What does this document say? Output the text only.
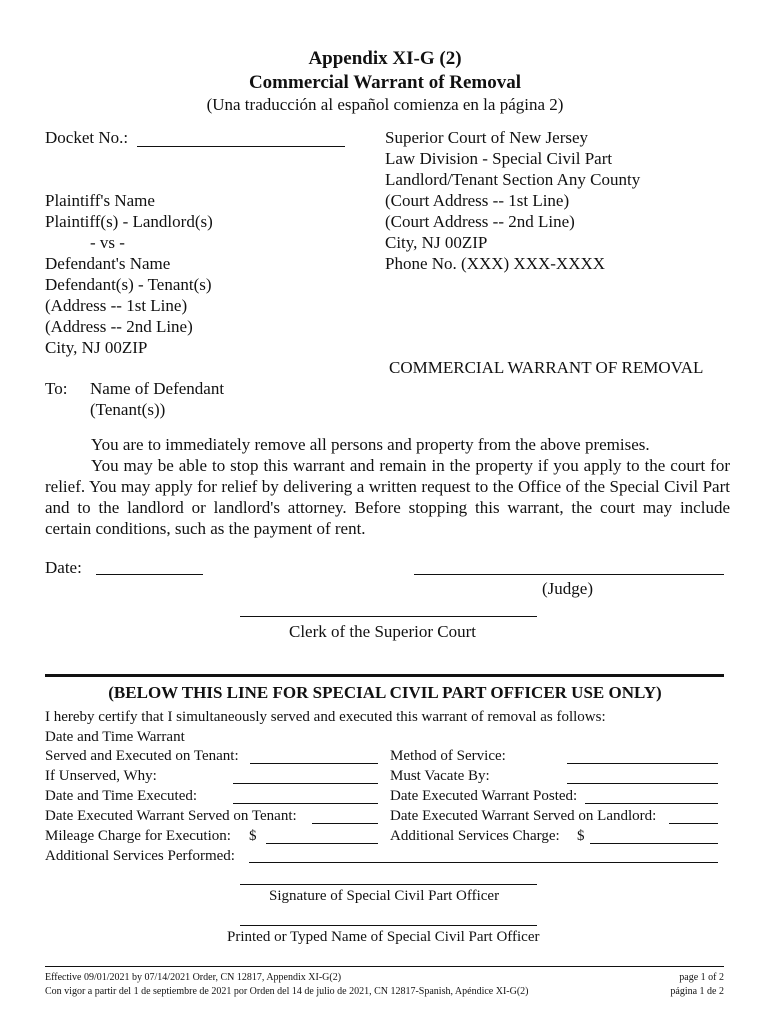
Appendix XI-G (2)
Commercial Warrant of Removal
(Una traducción al español comienza en la página 2)
Docket No.:	Superior Court of New Jersey
Law Division - Special Civil Part
Landlord/Tenant Section Any County
(Court Address -- 1st Line)
(Court Address -- 2nd Line)
City, NJ 00ZIP
Phone No. (XXX) XXX-XXXX
Plaintiff's Name
Plaintiff(s) - Landlord(s)
- vs -
Defendant's Name
Defendant(s) - Tenant(s)
(Address -- 1st Line)
(Address -- 2nd Line)
City, NJ 00ZIP
COMMERCIAL WARRANT OF REMOVAL
To: Name of Defendant
(Tenant(s))
You are to immediately remove all persons and property from the above premises.
You may be able to stop this warrant and remain in the property if you apply to the court for relief. You may apply for relief by delivering a written request to the Office of the Special Civil Part and to the landlord or landlord's attorney. Before stopping this warrant, the court may include certain conditions, such as the payment of rent.
Date:
(Judge)
Clerk of the Superior Court
(BELOW THIS LINE FOR SPECIAL CIVIL PART OFFICER USE ONLY)
I hereby certify that I simultaneously served and executed this warrant of removal as follows:
Date and Time Warrant
Served and Executed on Tenant:	Method of Service:
If Unserved, Why:	Must Vacate By:
Date and Time Executed:	Date Executed Warrant Posted:
Date Executed Warrant Served on Tenant:	Date Executed Warrant Served on Landlord:
Mileage Charge for Execution: $	Additional Services Charge: $
Additional Services Performed:
Signature of Special Civil Part Officer
Printed or Typed Name of Special Civil Part Officer
Effective 09/01/2021 by 07/14/2021 Order, CN 12817, Appendix XI-G(2)
Con vigor a partir del 1 de septiembre de 2021 por Orden del 14 de julio de 2021, CN 12817-Spanish, Apéndice XI-G(2)
page 1 of 2
página 1 de 2
